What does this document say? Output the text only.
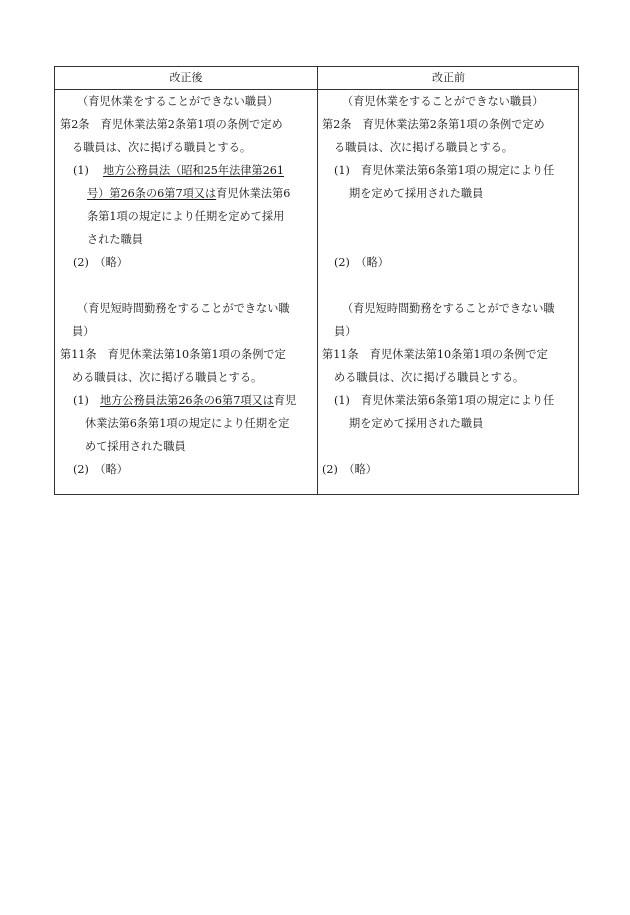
改正後	改正前
（育児休業をすることができない職員）
第2条　育児休業法第2条第1項の条例で定め
る職員は、次に掲げる職員とする。
(1) 地方公務員法（昭和25年法律第261
号）第26条の6第7項又は育児休業法第6
条第1項の規定により任期を定めて採用
された職員
(2)　（略）
（育児短時間勤務をすることができない職
員）
第11条　育児休業法第10条第1項の条例で定
める職員は、次に掲げる職員とする。
(1) 地方公務員法第26条の6第7項又は育児
休業法第6条第1項の規定により任期を定
めて採用された職員
(2)　（略）
（育児休業をすることができない職員）
第2条　育児休業法第2条第1項の条例で定め
る職員は、次に掲げる職員とする。
(1)　育児休業法第6条第1項の規定により任
期を定めて採用された職員
(2)　（略）
（育児短時間勤務をすることができない職
員）
第11条　育児休業法第10条第1項の条例で定
める職員は、次に掲げる職員とする。
(1)　育児休業法第6条第1項の規定により任
期を定めて採用された職員
(2)　（略）
